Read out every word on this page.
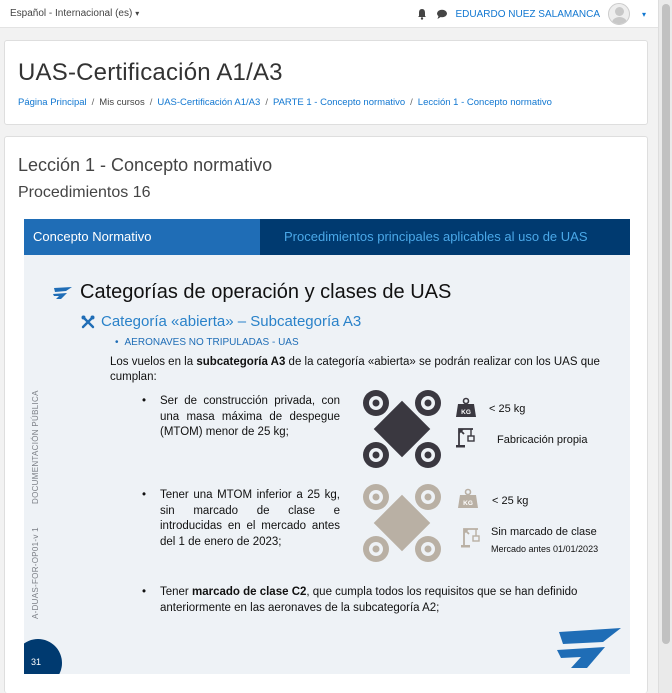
Español - Internacional (es) ▾	EDUARDO NUEZ SALAMANCA	▾
UAS-Certificación A1/A3
Página Principal / Mis cursos / UAS-Certificación A1/A3 / PARTE 1 - Concepto normativo / Lección 1 - Concepto normativo
Lección 1 - Concepto normativo
Procedimientos 16
Concepto Normativo	Procedimientos principales aplicables al uso de UAS
Categorías de operación y clases de UAS
Categoría «abierta» – Subcategoría A3
• AERONAVES NO TRIPULADAS - UAS
Los vuelos en la subcategoría A3 de la categoría «abierta» se podrán realizar con los UAS que cumplan:
DOCUMENTACIÓN PÚBLICA
A-DUAS-FOR-OP01-v 1
• Ser de construcción privada, con una masa máxima de despegue (MTOM) menor de 25 kg;
KG < 25 kg
Fabricación propia
• Tener una MTOM inferior a 25 kg, sin marcado de clase e introducidas en el mercado antes del 1 de enero de 2023;
KG < 25 kg
Sin marcado de clase
Mercado antes 01/01/2023
• Tener marcado de clase C2, que cumpla todos los requisitos que se han definido anteriormente en las aeronaves de la subcategoría A2;
31
